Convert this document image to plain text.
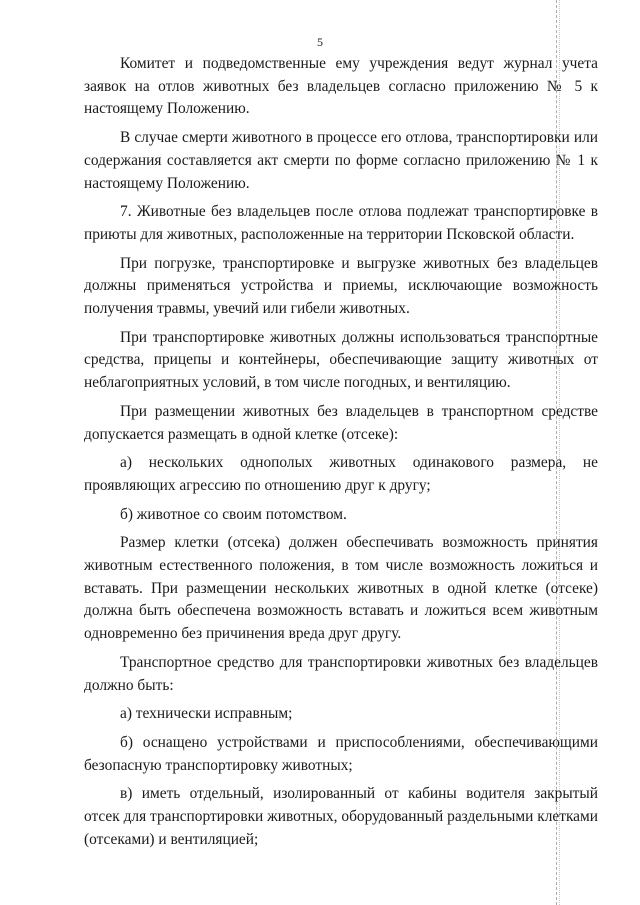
5

Комитет и подведомственные ему учреждения ведут журнал учета заявок на отлов животных без владельцев согласно приложению № 5 к настоящему Положению.

В случае смерти животного в процессе его отлова, транспортировки или содержания составляется акт смерти по форме согласно приложению № 1 к настоящему Положению.

7. Животные без владельцев после отлова подлежат транспортировке в приюты для животных, расположенные на территории Псковской области.

При погрузке, транспортировке и выгрузке животных без владельцев должны применяться устройства и приемы, исключающие возможность получения травмы, увечий или гибели животных.

При транспортировке животных должны использоваться транспортные средства, прицепы и контейнеры, обеспечивающие защиту животных от неблагоприятных условий, в том числе погодных, и вентиляцию.

При размещении животных без владельцев в транспортном средстве допускается размещать в одной клетке (отсеке):

а) нескольких однополых животных одинакового размера, не проявляющих агрессию по отношению друг к другу;

б) животное со своим потомством.

Размер клетки (отсека) должен обеспечивать возможность принятия животным естественного положения, в том числе возможность ложиться и вставать. При размещении нескольких животных в одной клетке (отсеке) должна быть обеспечена возможность вставать и ложиться всем животным одновременно без причинения вреда друг другу.

Транспортное средство для транспортировки животных без владельцев должно быть:

а) технически исправным;

б) оснащено устройствами и приспособлениями, обеспечивающими безопасную транспортировку животных;

в) иметь отдельный, изолированный от кабины водителя закрытый отсек для транспортировки животных, оборудованный раздельными клетками (отсеками) и вентиляцией;
